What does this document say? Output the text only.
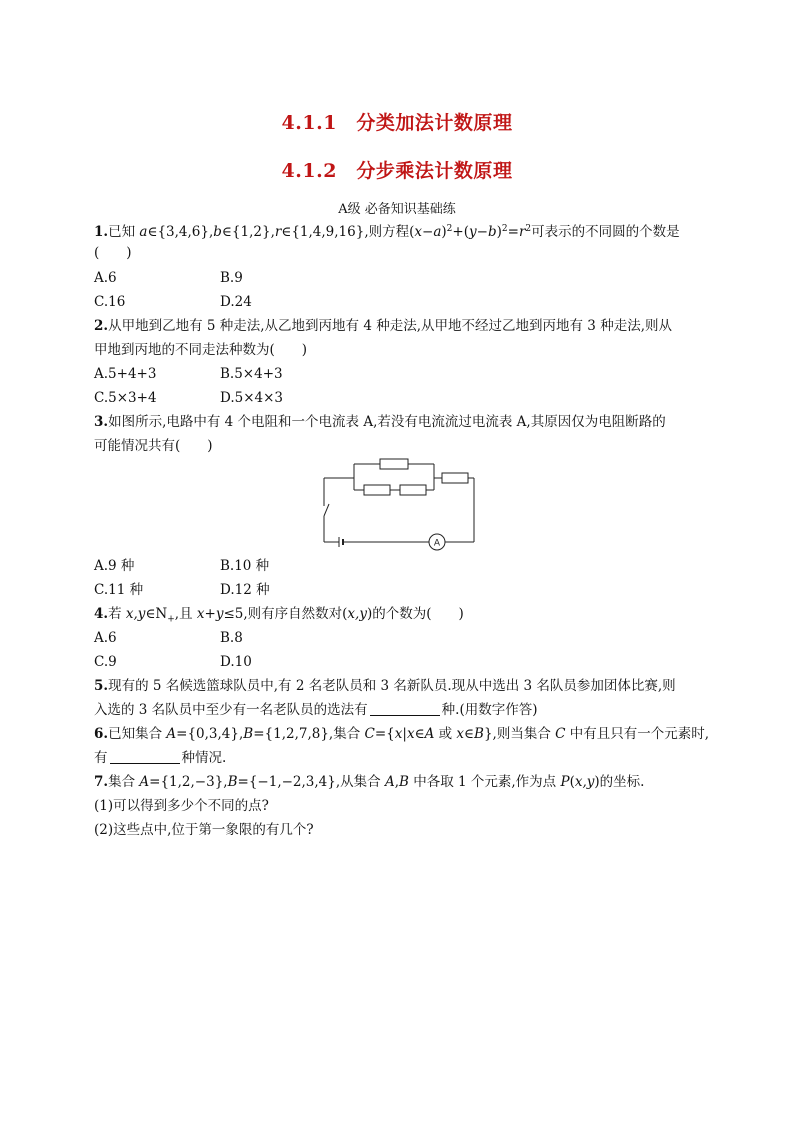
4.1.1　分类加法计数原理
4.1.2　分步乘法计数原理
A级 必备知识基础练
1.已知 a∈{3,4,6},b∈{1,2},r∈{1,4,9,16},则方程$(x-a)^2+(y-b)^2=r^2$可表示的不同圆的个数是
(　　)
A.6	B.9
C.16	D.24
2.从甲地到乙地有 5 种走法,从乙地到丙地有 4 种走法,从甲地不经过乙地到丙地有 3 种走法,则从
甲地到丙地的不同走法种数为(　　)
A.5+4+3	B.5×4+3
C.5×3+4	D.5×4×3
3.如图所示,电路中有 4 个电阻和一个电流表 A,若没有电流流过电流表 A,其原因仅为电阻断路的
可能情况共有(　　)
A
A.9 种	B.10 种
C.11 种	D.12 种
4.若 $x,y\in N_+$,且 x+y≤5,则有序自然数对(x,y)的个数为(　　)
A.6	B.8
C.9	D.10
5.现有的 5 名候选篮球队员中,有 2 名老队员和 3 名新队员.现从中选出 3 名队员参加团体比赛,则
入选的 3 名队员中至少有一名老队员的选法有	种.(用数字作答)
6.已知集合 A={0,3,4},B={1,2,7,8},集合 C={x|x∈A 或 x∈B},则当集合 C 中有且只有一个元素时,
有	种情况.
7.集合 A={1,2,−3},B={−1,−2,3,4},从集合 A,B 中各取 1 个元素,作为点 P(x,y)的坐标.
(1)可以得到多少个不同的点?
(2)这些点中,位于第一象限的有几个?
